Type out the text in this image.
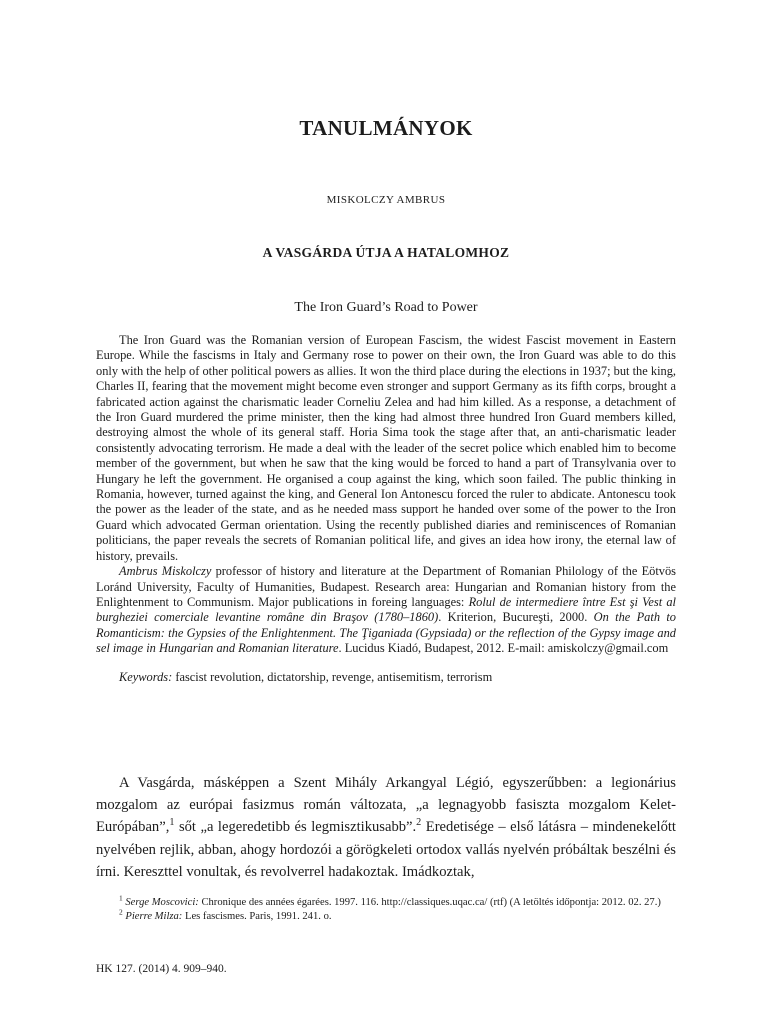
TANULMÁNYOK
MISKOLCZY AMBRUS
A VASGÁRDA ÚTJA A HATALOMHOZ
The Iron Guard’s Road to Power

The Iron Guard was the Romanian version of European Fascism, the widest Fascist movement in Eastern Europe. While the fascisms in Italy and Germany rose to power on their own, the Iron Guard was able to do this only with the help of other political powers as allies. It won the third place during the elections in 1937; but the king, Charles II, fearing that the movement might become even stronger and support Germany as its fifth corps, brought a fabricated action against the charismatic leader Corneliu Zelea and had him killed. As a response, a detachment of the Iron Guard murdered the prime minister, then the king had almost three hundred Iron Guard members killed, destroying almost the whole of its general staff. Horia Sima took the stage after that, an anti-charismatic leader consistently advocating terrorism. He made a deal with the leader of the secret police which enabled him to become member of the government, but when he saw that the king would be forced to hand a part of Transylvania over to Hungary he left the government. He organised a coup against the king, which soon failed. The public thinking in Romania, however, turned against the king, and General Ion Antonescu forced the ruler to abdicate. Antonescu took the power as the leader of the state, and as he needed mass support he handed over some of the power to the Iron Guard which advocated German orientation. Using the recently published diaries and reminiscences of Romanian politicians, the paper reveals the secrets of Romanian political life, and gives an idea how irony, the eternal law of history, prevails.

Ambrus Miskolczy professor of history and literature at the Department of Romanian Philology of the Eötvös Loránd University, Faculty of Humanities, Budapest. Research area: Hungarian and Romanian history from the Enlightenment to Communism. Major publications in foreing languages: Rolul de intermediere între Est şi Vest al burgheziei comerciale levantine române din Braşov (1780–1860). Kriterion, Bucureşti, 2000. On the Path to Romanticism: the Gypsies of the Enlightenment. The Ţiganiada (Gypsiada) or the reflection of the Gypsy image and sel image in Hungarian and Romanian literature. Lucidus Kiadó, Budapest, 2012. E-mail: amiskolczy@gmail.com

Keywords: fascist revolution, dictatorship, revenge, antisemitism, terrorism

A Vasgárda, másképpen a Szent Mihály Arkangyal Légió, egyszerűbben: a legionárius mozgalom az európai fasizmus román változata, „a legnagyobb fasiszta mozgalom Kelet-Európában”,$^1$ sőt „a legeredetibb és legmisztikusabb”.$^2$ Eredetisége – első látásra – mindenekelőtt nyelvében rejlik, abban, ahogy hordozói a görögkeleti ortodox vallás nyelvén próbáltak beszélni és írni. Kereszttel vonultak, és revolverrel hadakoztak. Imádkoztak,

$^1$ Serge Moscovici: Chronique des années égarées. 1997. 116. http://classiques.uqac.ca/ (rtf) (A letöltés időpontja: 2012. 02. 27.)

$^2$ Pierre Milza: Les fascismes. Paris, 1991. 241. o.

HK 127. (2014) 4. 909–940.
